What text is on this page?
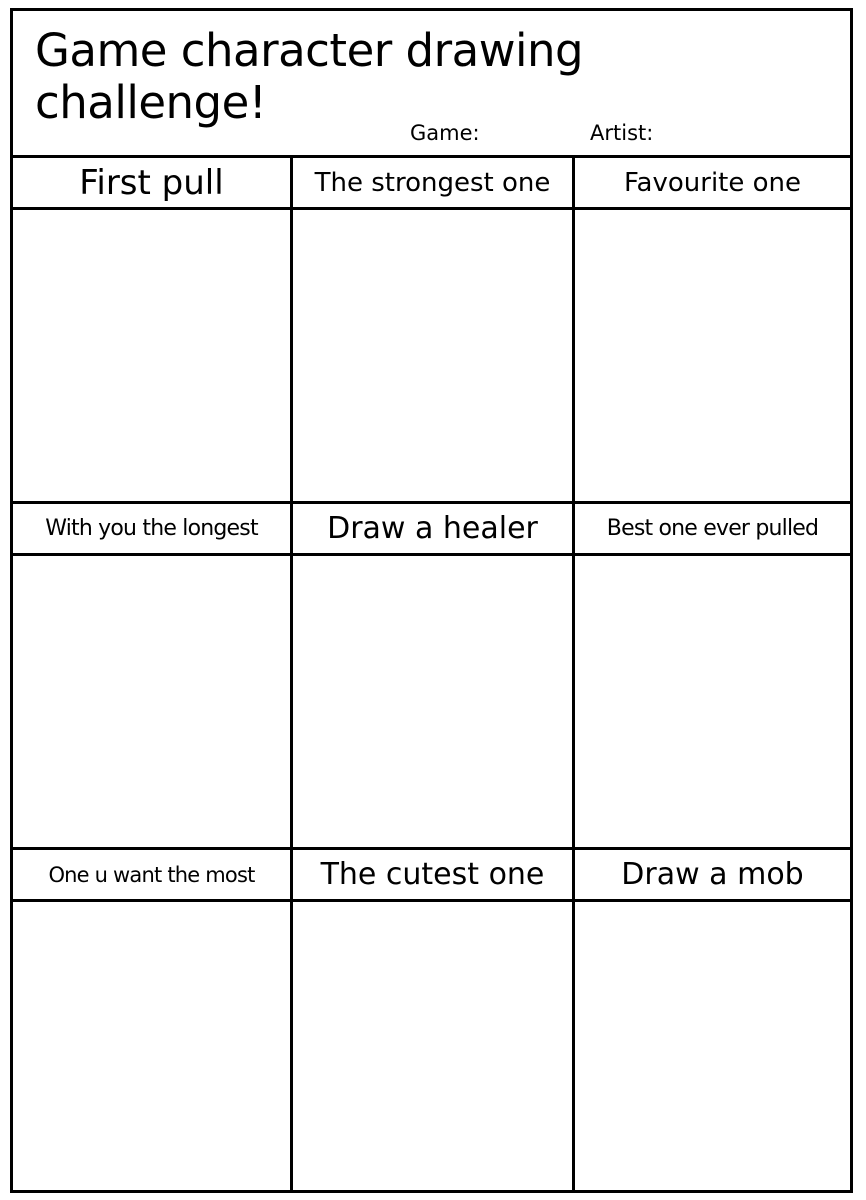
Game character drawing
challenge!
Game:	Artist:
First pull	The strongest one	Favourite one
With you the longest	Draw a healer	Best one ever pulled
One u want the most	The cutest one	Draw a mob
